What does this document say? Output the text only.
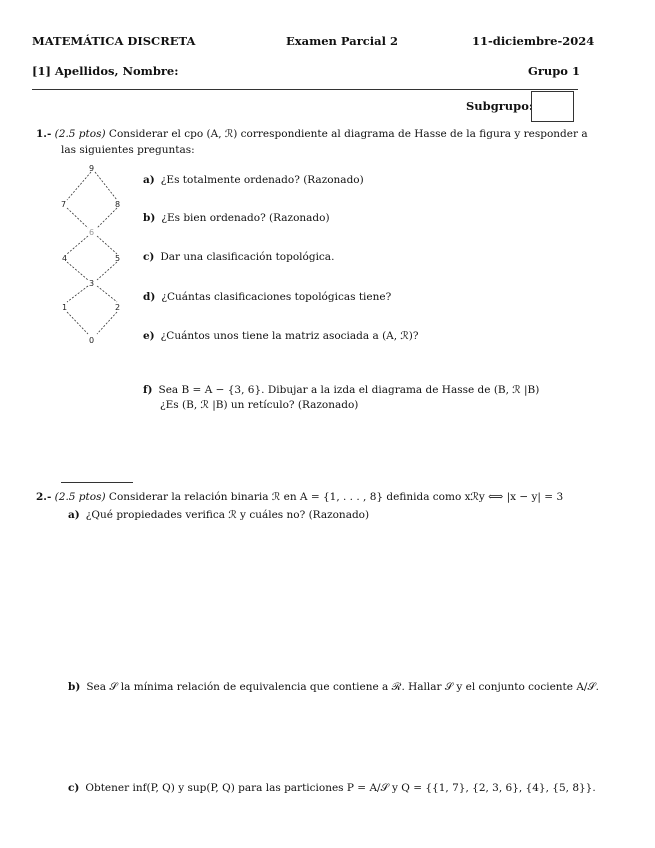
MATEMÁTICA DISCRETA	Examen Parcial 2	11-diciembre-2024
[1] Apellidos, Nombre:	Grupo 1
Subgrupo:
1.- (2.5 ptos) Considerar el cpo (A, ℛ) correspondiente al diagrama de Hasse de la figura y responder a
las siguientes preguntas:
9
7	8
6
4	5
3
1	2
0
a) ¿Es totalmente ordenado? (Razonado)
b) ¿Es bien ordenado? (Razonado)
c) Dar una clasificación topológica.
d) ¿Cuántas clasificaciones topológicas tiene?
e) ¿Cuántos unos tiene la matriz asociada a (A, ℛ)?
f) Sea B = A − {3, 6}. Dibujar a la izda el diagrama de Hasse de (B, ℛ |B)
¿Es (B, ℛ |B) un retículo? (Razonado)
2.- (2.5 ptos) Considerar la relación binaria ℛ en A = {1, . . . , 8} definida como xℛy ⟺ |x − y| = 3
a) ¿Qué propiedades verifica ℛ y cuáles no? (Razonado)
b) Sea 𝒮 la mínima relación de equivalencia que contiene a ℛ. Hallar 𝒮 y el conjunto cociente A/𝒮.
c) Obtener inf(P, Q) y sup(P, Q) para las particiones P = A/𝒮 y Q = {{1, 7}, {2, 3, 6}, {4}, {5, 8}}.
